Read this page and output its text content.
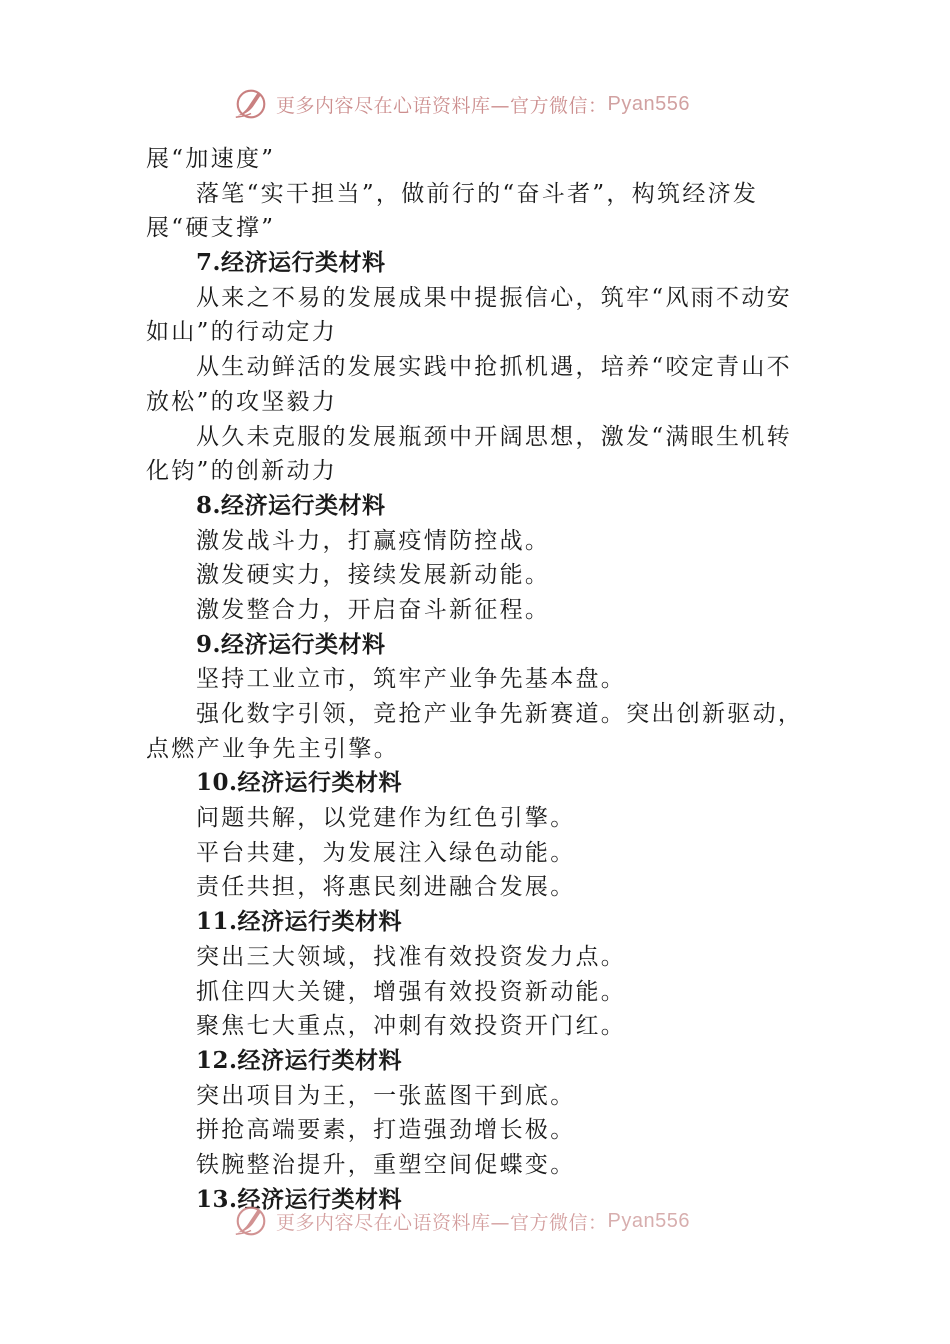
更多内容尽在心语资料库—官方微信： Pyan556
展“加速度”
落笔“实干担当”，做前行的“奋斗者”，构筑经济发
展“硬支撑”
7.经济运行类材料
从来之不易的发展成果中提振信心，筑牢“风雨不动安
如山”的行动定力
从生动鲜活的发展实践中抢抓机遇，培养“咬定青山不
放松”的攻坚毅力
从久未克服的发展瓶颈中开阔思想，激发“满眼生机转
化钧”的创新动力
8.经济运行类材料
激发战斗力，打赢疫情防控战。
激发硬实力，接续发展新动能。
激发整合力，开启奋斗新征程。
9.经济运行类材料
坚持工业立市，筑牢产业争先基本盘。
强化数字引领，竞抢产业争先新赛道。突出创新驱动，
点燃产业争先主引擎。
10.经济运行类材料
问题共解，以党建作为红色引擎。
平台共建，为发展注入绿色动能。
责任共担，将惠民刻进融合发展。
11.经济运行类材料
突出三大领域，找准有效投资发力点。
抓住四大关键，增强有效投资新动能。
聚焦七大重点，冲刺有效投资开门红。
12.经济运行类材料
突出项目为王，一张蓝图干到底。
拼抢高端要素，打造强劲增长极。
铁腕整治提升，重塑空间促蝶变。
13.经济运行类材料
更多内容尽在心语资料库—官方微信： Pyan556
